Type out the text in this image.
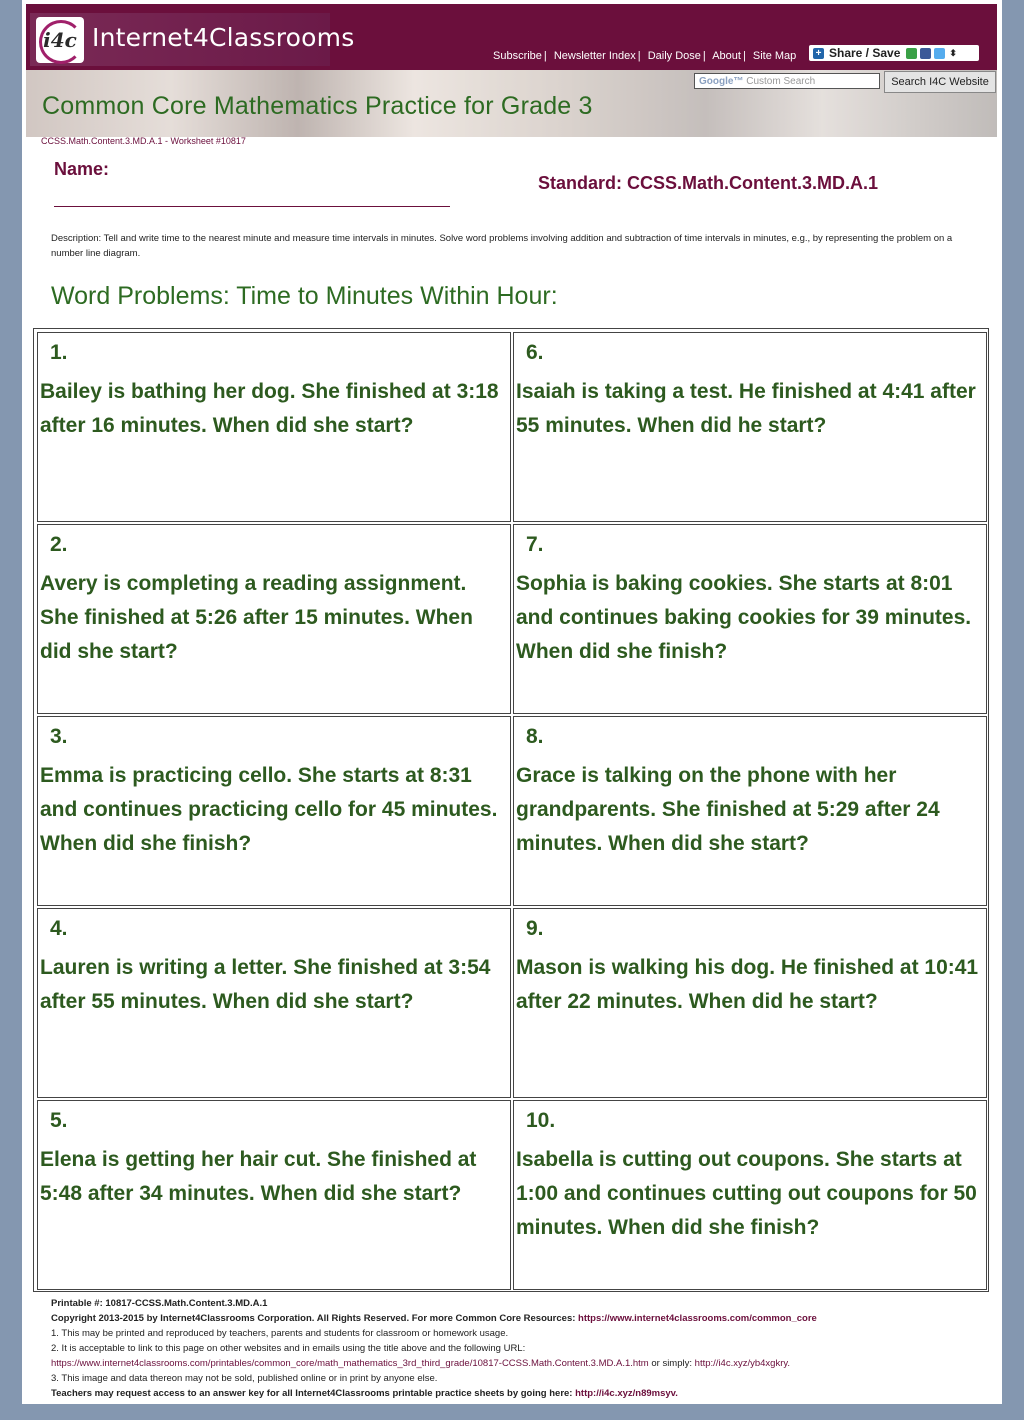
i4c Internet4Classrooms
Subscribe | Newsletter Index | Daily Dose | About | Site Map + Share / Save	⬍
Google™ Custom Search	Search I4C Website
Common Core Mathematics Practice for Grade 3
CCSS.Math.Content.3.MD.A.1 - Worksheet #10817
Name:
Standard: CCSS.Math.Content.3.MD.A.1
Description: Tell and write time to the nearest minute and measure time intervals in minutes. Solve word problems involving addition and subtraction of time intervals in minutes, e.g., by representing the problem on a number line diagram.
Word Problems: Time to Minutes Within Hour:
1.
Bailey is bathing her dog. She finished at 3:18 after 16 minutes. When did she start?
2.
Avery is completing a reading assignment. She finished at 5:26 after 15 minutes. When did she start?
3.
Emma is practicing cello. She starts at 8:31 and continues practicing cello for 45 minutes. When did she finish?
4.
Lauren is writing a letter. She finished at 3:54 after 55 minutes. When did she start?
5.
Elena is getting her hair cut. She finished at 5:48 after 34 minutes. When did she start?
6.
Isaiah is taking a test. He finished at 4:41 after 55 minutes. When did he start?
7.
Sophia is baking cookies. She starts at 8:01 and continues baking cookies for 39 minutes. When did she finish?
8.
Grace is talking on the phone with her grandparents. She finished at 5:29 after 24 minutes. When did she start?
9.
Mason is walking his dog. He finished at 10:41 after 22 minutes. When did he start?
10.
Isabella is cutting out coupons. She starts at 1:00 and continues cutting out coupons for 50 minutes. When did she finish?
Printable #: 10817-CCSS.Math.Content.3.MD.A.1
Copyright 2013-2015 by Internet4Classrooms Corporation. All Rights Reserved. For more Common Core Resources: https://www.internet4classrooms.com/common_core
1. This may be printed and reproduced by teachers, parents and students for classroom or homework usage.
2. It is acceptable to link to this page on other websites and in emails using the title above and the following URL:
https://www.internet4classrooms.com/printables/common_core/math_mathematics_3rd_third_grade/10817-CCSS.Math.Content.3.MD.A.1.htm or simply: http://i4c.xyz/yb4xgkry.
3. This image and data thereon may not be sold, published online or in print by anyone else.
Teachers may request access to an answer key for all Internet4Classrooms printable practice sheets by going here: http://i4c.xyz/n89msyv.
